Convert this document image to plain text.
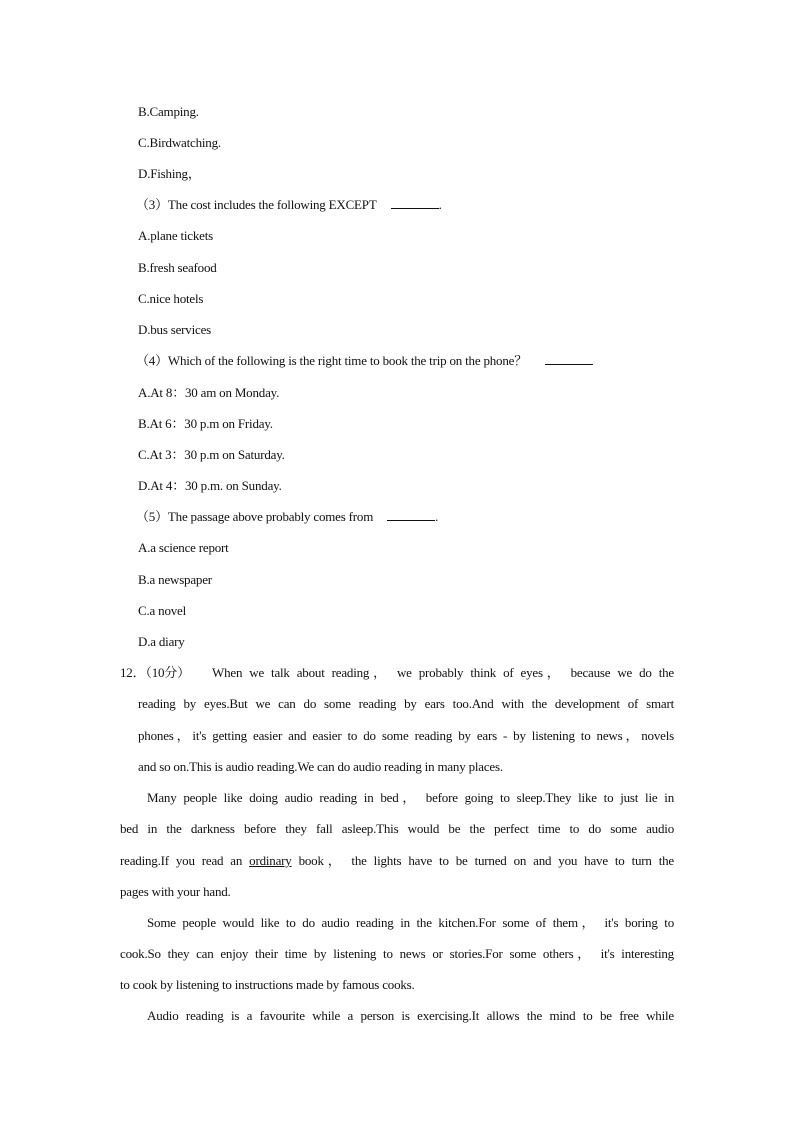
B.Camping.
C.Birdwatching.
D.Fishing，
（3）The cost includes the following EXCEPT	.
A.plane tickets
B.fresh seafood
C.nice hotels
D.bus services
（4）Which of the following is the right time to book the trip on the phone？
A.At 8：30 am on Monday.
B.At 6：30 p.m on Friday.
C.At 3：30 p.m on Saturday.
D.At 4：30 p.m. on Sunday.
（5）The passage above probably comes from	.
A.a science report
B.a newspaper
C.a novel
D.a diary
12．（10分） When we talk about reading， we probably think of eyes， because we do the
reading by eyes.But we can do some reading by ears too.And with the development of smart
phones，it's getting easier and easier to do some reading by ears - by listening to news，novels
and so on.This is audio reading.We can do audio reading in many places.
Many people like doing audio reading in bed， before going to sleep.They like to just lie in
bed in the darkness before they fall asleep.This would be the perfect time to do some audio
reading.If you read an ordinary book， the lights have to be turned on and you have to turn the
pages with your hand.
Some people would like to do audio reading in the kitchen.For some of them， it's boring to
cook.So they can enjoy their time by listening to news or stories.For some others， it's interesting
to cook by listening to instructions made by famous cooks.
Audio reading is a favourite while a person is exercising.It allows the mind to be free while
